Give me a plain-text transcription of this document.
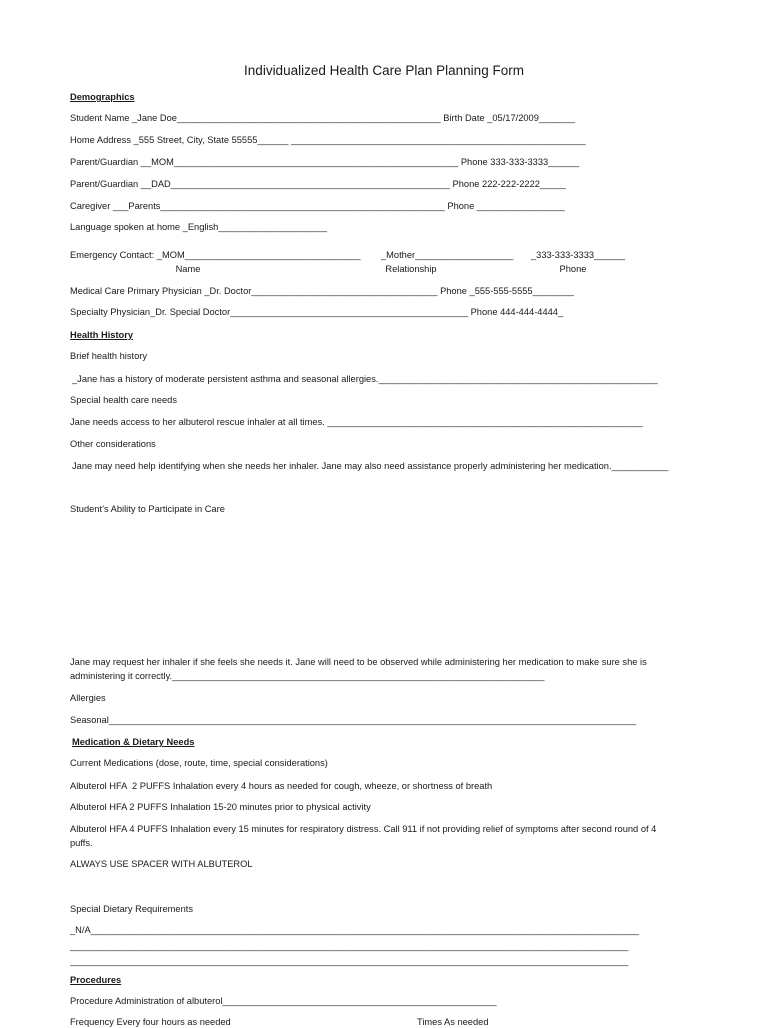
Individualized Health Care Plan Planning Form
Demographics
Student Name _Jane Doe___________________________________________________ Birth Date _05/17/2009_______
Home Address _555 Street, City, State 55555______ _________________________________________________________
Parent/Guardian __MOM_______________________________________________________ Phone 333-333-3333______
Parent/Guardian __DAD______________________________________________________ Phone 222-222-2222_____
Caregiver ___Parents_______________________________________________________ Phone _________________
Language spoken at home _English_____________________
Emergency Contact: _MOM__________________________________ _Mother___________________ _333-333-3333______
Name	Relationship	Phone
Medical Care Primary Physician _Dr. Doctor____________________________________ Phone _555-555-5555________
Specialty Physician_Dr. Special Doctor______________________________________________ Phone 444-444-4444_
Health History
Brief health history
_Jane has a history of moderate persistent asthma and seasonal allergies.______________________________________________________
Special health care needs
Jane needs access to her albuterol rescue inhaler at all times. _____________________________________________________________
Other considerations
Jane may need help identifying when she needs her inhaler. Jane may also need assistance properly administering her medication.___________
Student’s Ability to Participate in Care
Jane may request her inhaler if she feels she needs it. Jane will need to be observed while administering her medication to make sure she is
administering it correctly.________________________________________________________________________
Allergies
Seasonal______________________________________________________________________________________________________
Medication & Dietary Needs
Current Medications (dose, route, time, special considerations)
Albuterol HFA  2 PUFFS Inhalation every 4 hours as needed for cough, wheeze, or shortness of breath
Albuterol HFA 2 PUFFS Inhalation 15-20 minutes prior to physical activity
Albuterol HFA 4 PUFFS Inhalation every 15 minutes for respiratory distress. Call 911 if not providing relief of symptoms after second round of 4
puffs.
ALWAYS USE SPACER WITH ALBUTEROL
Special Dietary Requirements
_N/A__________________________________________________________________________________________________________
____________________________________________________________________________________________________________
____________________________________________________________________________________________________________
Procedures
Procedure Administration of albuterol_____________________________________________________
Frequency Every four hours as needed	Times As needed
